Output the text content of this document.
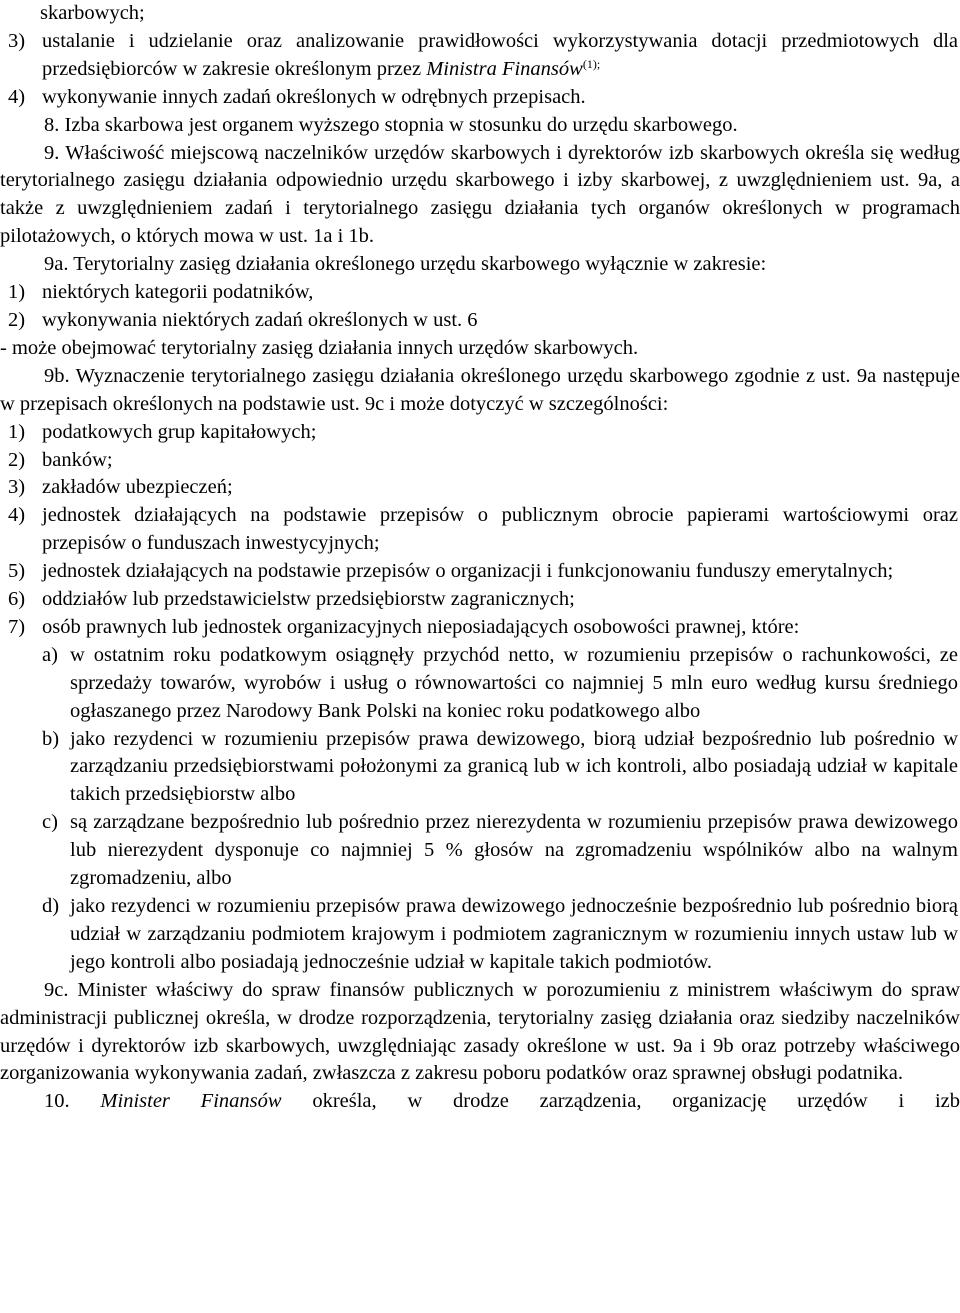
skarbowych;

3) ustalanie i udzielanie oraz analizowanie prawidłowości wykorzystywania dotacji przedmiotowych dla przedsiębiorców w zakresie określonym przez Ministra Finansów$^{(1);}$
4) wykonywanie innych zadań określonych w odrębnych przepisach.

8. Izba skarbowa jest organem wyższego stopnia w stosunku do urzędu skarbowego.

9. Właściwość miejscową naczelników urzędów skarbowych i dyrektorów izb skarbowych określa się według terytorialnego zasięgu działania odpowiednio urzędu skarbowego i izby skarbowej, z uwzględnieniem ust. 9a, a także z uwzględnieniem zadań i terytorialnego zasięgu działania tych organów określonych w programach pilotażowych, o których mowa w ust. 1a i 1b.

9a. Terytorialny zasięg działania określonego urzędu skarbowego wyłącznie w zakresie:

1) niektórych kategorii podatników,
2) wykonywania niektórych zadań określonych w ust. 6

- może obejmować terytorialny zasięg działania innych urzędów skarbowych.

9b. Wyznaczenie terytorialnego zasięgu działania określonego urzędu skarbowego zgodnie z ust. 9a następuje w przepisach określonych na podstawie ust. 9c i może dotyczyć w szczególności:

1) podatkowych grup kapitałowych;
2) banków;
3) zakładów ubezpieczeń;
4) jednostek działających na podstawie przepisów o publicznym obrocie papierami wartościowymi oraz przepisów o funduszach inwestycyjnych;
5) jednostek działających na podstawie przepisów o organizacji i funkcjonowaniu funduszy emerytalnych;
6) oddziałów lub przedstawicielstw przedsiębiorstw zagranicznych;
7) osób prawnych lub jednostek organizacyjnych nieposiadających osobowości prawnej, które:
a) w ostatnim roku podatkowym osiągnęły przychód netto, w rozumieniu przepisów o rachunkowości, ze sprzedaży towarów, wyrobów i usług o równowartości co najmniej 5 mln euro według kursu średniego ogłaszanego przez Narodowy Bank Polski na koniec roku podatkowego albo
b) jako rezydenci w rozumieniu przepisów prawa dewizowego, biorą udział bezpośrednio lub pośrednio w zarządzaniu przedsiębiorstwami położonymi za granicą lub w ich kontroli, albo posiadają udział w kapitale takich przedsiębiorstw albo
c) są zarządzane bezpośrednio lub pośrednio przez nierezydenta w rozumieniu przepisów prawa dewizowego lub nierezydent dysponuje co najmniej 5 % głosów na zgromadzeniu wspólników albo na walnym zgromadzeniu, albo
d) jako rezydenci w rozumieniu przepisów prawa dewizowego jednocześnie bezpośrednio lub pośrednio biorą udział w zarządzaniu podmiotem krajowym i podmiotem zagranicznym w rozumieniu innych ustaw lub w jego kontroli albo posiadają jednocześnie udział w kapitale takich podmiotów.

9c. Minister właściwy do spraw finansów publicznych w porozumieniu z ministrem właściwym do spraw administracji publicznej określa, w drodze rozporządzenia, terytorialny zasięg działania oraz siedziby naczelników urzędów i dyrektorów izb skarbowych, uwzględniając zasady określone w ust. 9a i 9b oraz potrzeby właściwego zorganizowania wykonywania zadań, zwłaszcza z zakresu poboru podatków oraz sprawnej obsługi podatnika.

10. Minister Finansów określa, w drodze zarządzenia, organizację urzędów i izb
